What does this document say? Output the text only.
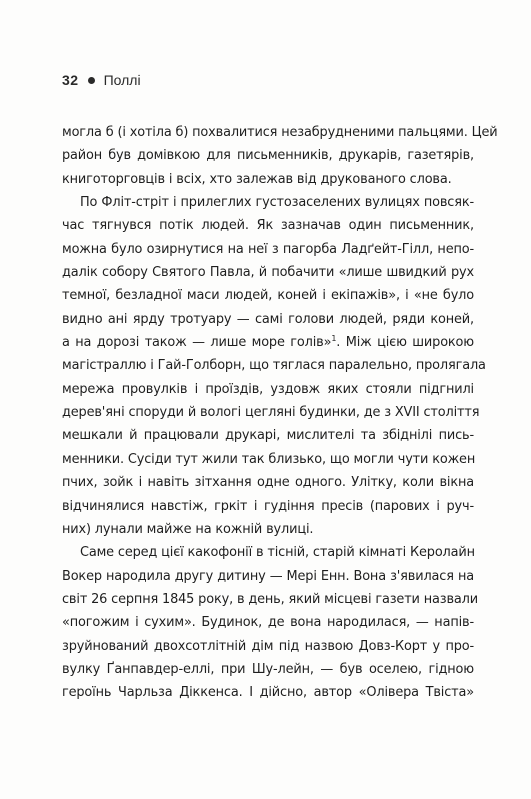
32 Поллі
могла б (і хотіла б) похвалитися незабрудненими пальцями. Цей
район був домівкою для письменників, друкарів, газетярів,
книготорговців і всіх, хто залежав від друкованого слова.
По Фліт-стріт і прилеглих густозаселених вулицях повсяк-
час тягнувся потік людей. Як зазначав один письменник,
можна було озирнутися на неї з пагорба Ладґейт-Гілл, непо-
далік собору Святого Павла, й побачити «лише швидкий рух
темної, безладної маси людей, коней і екіпажів», і «не було
видно ані ярду тротуару — самі голови людей, ряди коней,
а на дорозі також — лише море голів»$^1$. Між цією широкою
магістраллю і Гай-Голборн, що тяглася паралельно, пролягала
мережа провулків і проїздів, уздовж яких стояли підгнилі
дерев'яні споруди й вологі цегляні будинки, де з XVII століття
мешкали й працювали друкарі, мислителі та збіднілі пись-
менники. Сусіди тут жили так близько, що могли чути кожен
пчих, зойк і навіть зітхання одне одного. Улітку, коли вікна
відчинялися навстіж, гркіт і гудіння пресів (парових і руч-
них) лунали майже на кожній вулиці.
Саме серед цієї какофонії в тісній, старій кімнаті Керолайн
Вокер народила другу дитину — Мері Енн. Вона з'явилася на
світ 26 серпня 1845 року, в день, який місцеві газети назвали
«погожим і сухим». Будинок, де вона народилася, — напів-
зруйнований двохсотлітній дім під назвою Довз-Корт у про-
вулку Ґанпавдер-еллі, при Шу-лейн, — був оселею, гідною
героїнь Чарльза Діккенса. І дійсно, автор «Олівера Твіста»
